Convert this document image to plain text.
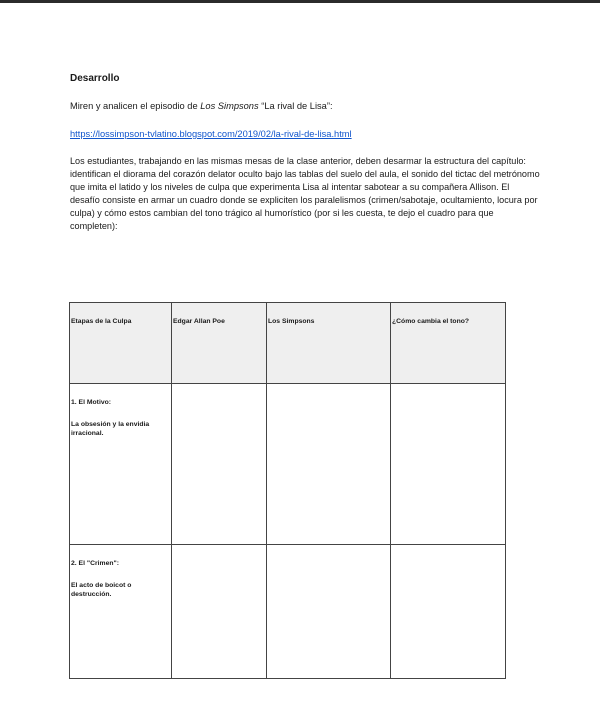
Desarrollo

Miren y analicen el episodio de Los Simpsons “La rival de Lisa”:

https://lossimpson-tvlatino.blogspot.com/2019/02/la-rival-de-lisa.html

Los estudiantes, trabajando en las mismas mesas de la clase anterior, deben desarmar la estructura del capítulo: identifican el diorama del corazón delator oculto bajo las tablas del suelo del aula, el sonido del tictac del metrónomo que imita el latido y los niveles de culpa que experimenta Lisa al intentar sabotear a su compañera Allison. El desafío consiste en armar un cuadro donde se expliciten los paralelismos (crimen/sabotaje, ocultamiento, locura por culpa) y cómo estos cambian del tono trágico al humorístico (por si les cuesta, te dejo el cuadro para que completen):

Etapas de la Culpa	Edgar Allan Poe	Los Simpsons	¿Cómo cambia el tono?

1. El Motivo:
La obsesión y la envidia irracional.			

2. El "Crimen":
El acto de boicot o destrucción.			
